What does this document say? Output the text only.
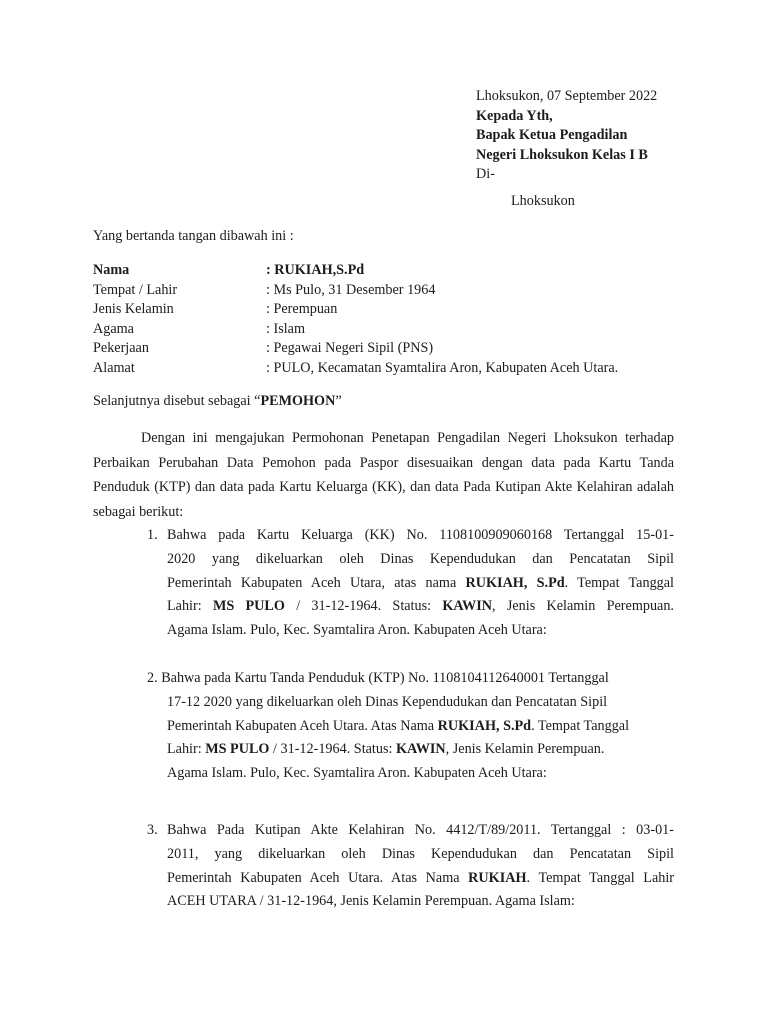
Lhoksukon, 07 September 2022
Kepada Yth,
Bapak Ketua Pengadilan
Negeri Lhoksukon Kelas I B
Di-
Lhoksukon
Yang bertanda tangan dibawah ini :
Nama	: RUKIAH,S.Pd
Tempat / Lahir	: Ms Pulo, 31 Desember 1964
Jenis Kelamin	: Perempuan
Agama	: Islam
Pekerjaan	: Pegawai Negeri Sipil (PNS)
Alamat	: PULO, Kecamatan Syamtalira Aron, Kabupaten Aceh Utara.
Selanjutnya disebut sebagai “PEMOHON”
Dengan ini mengajukan Permohonan Penetapan Pengadilan Negeri Lhoksukon terhadap Perbaikan Perubahan Data Pemohon pada Paspor disesuaikan dengan data pada Kartu Tanda Penduduk (KTP) dan data pada Kartu Keluarga (KK), dan data Pada Kutipan Akte Kelahiran adalah sebagai berikut:
1. Bahwa pada Kartu Keluarga (KK) No. 1108100909060168 Tertanggal 15-01-
2020 yang dikeluarkan oleh Dinas Kependudukan dan Pencatatan Sipil
Pemerintah Kabupaten Aceh Utara, atas nama RUKIAH, S.Pd. Tempat Tanggal
Lahir: MS PULO / 31-12-1964. Status: KAWIN, Jenis Kelamin Perempuan.
Agama Islam. Pulo, Kec. Syamtalira Aron. Kabupaten Aceh Utara:
2. Bahwa pada Kartu Tanda Penduduk (KTP) No. 1108104112640001 Tertanggal
17-12 2020 yang dikeluarkan oleh Dinas Kependudukan dan Pencatatan Sipil
Pemerintah Kabupaten Aceh Utara. Atas Nama RUKIAH, S.Pd. Tempat Tanggal
Lahir: MS PULO / 31-12-1964. Status: KAWIN, Jenis Kelamin Perempuan.
Agama Islam. Pulo, Kec. Syamtalira Aron. Kabupaten Aceh Utara:
3. Bahwa Pada Kutipan Akte Kelahiran No. 4412/T/89/2011. Tertanggal : 03-01-
2011, yang dikeluarkan oleh Dinas Kependudukan dan Pencatatan Sipil
Pemerintah Kabupaten Aceh Utara. Atas Nama RUKIAH. Tempat Tanggal Lahir
ACEH UTARA / 31-12-1964, Jenis Kelamin Perempuan. Agama Islam:
